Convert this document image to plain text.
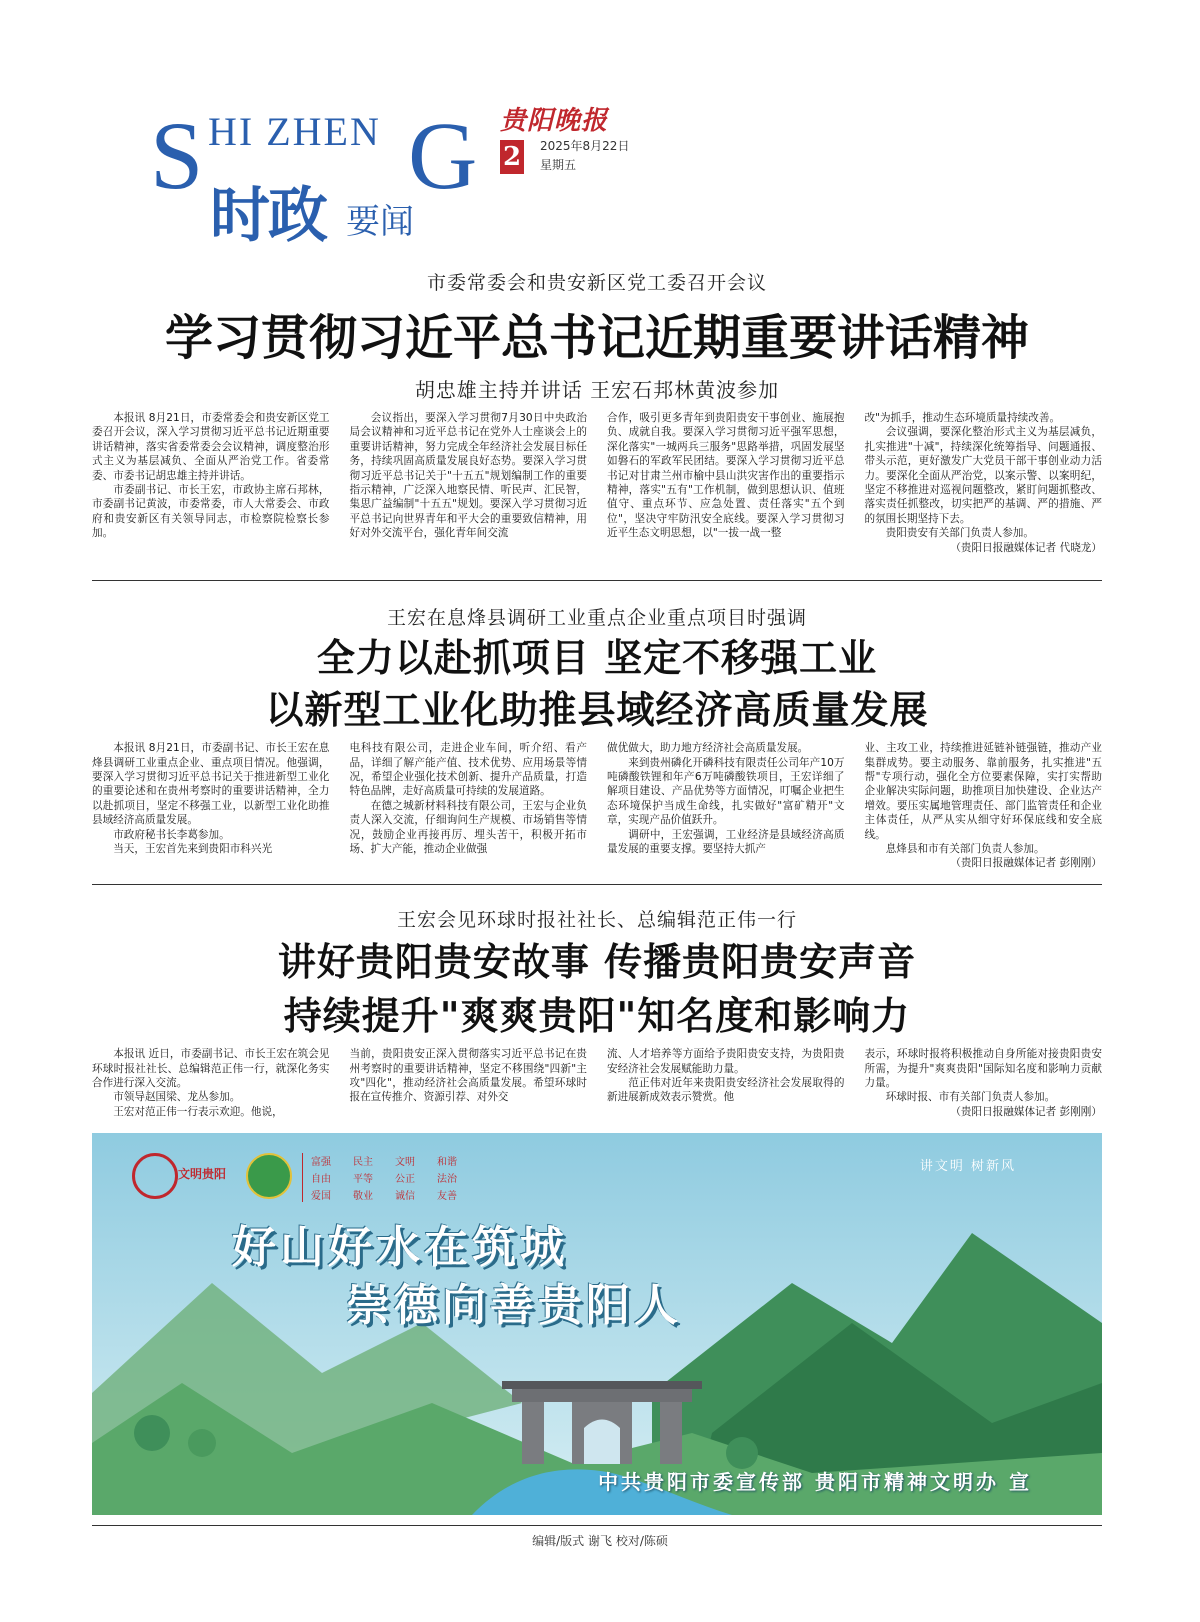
S HI ZHEN G
时政 要闻
贵阳晚报
2 2025年8月22日
星期五
市委常委会和贵安新区党工委召开会议
学习贯彻习近平总书记近期重要讲话精神
胡忠雄主持并讲话 王宏石邦林黄波参加

本报讯 8月21日，市委常委会和贵安新区党工委召开会议，深入学习贯彻习近平总书记近期重要讲话精神，落实省委常委会会议精神，调度整治形式主义为基层减负、全面从严治党工作。省委常委、市委书记胡忠雄主持并讲话。

市委副书记、市长王宏，市政协主席石邦林，市委副书记黄波，市委常委，市人大常委会、市政府和贵安新区有关领导同志，市检察院检察长参加。

会议指出，要深入学习贯彻7月30日中央政治局会议精神和习近平总书记在党外人士座谈会上的重要讲话精神，努力完成全年经济社会发展目标任务，持续巩固高质量发展良好态势。要深入学习贯彻习近平总书记关于"十五五"规划编制工作的重要指示精神，广泛深入地察民情、听民声、汇民智，集思广益编制"十五五"规划。要深入学习贯彻习近平总书记向世界青年和平大会的重要致信精神，用好对外交流平台，强化青年间交流

合作，吸引更多青年到贵阳贵安干事创业、施展抱负、成就自我。要深入学习贯彻习近平强军思想，深化落实"一城两兵三服务"思路举措，巩固发展坚如磐石的军政军民团结。要深入学习贯彻习近平总书记对甘肃兰州市榆中县山洪灾害作出的重要指示精神，落实"五有"工作机制，做到思想认识、值班值守、重点环节、应急处置、责任落实"五个到位"，坚决守牢防汛安全底线。要深入学习贯彻习近平生态文明思想，以"一拔一战一整

改"为抓手，推动生态环境质量持续改善。

会议强调，要深化整治形式主义为基层减负，扎实推进"十减"，持续深化统筹指导、问题通报、带头示范，更好激发广大党员干部干事创业动力活力。要深化全面从严治党，以案示警、以案明纪，坚定不移推进对巡视问题整改，紧盯问题抓整改、落实责任抓整改，切实把严的基调、严的措施、严的氛围长期坚持下去。

贵阳贵安有关部门负责人参加。

（贵阳日报融媒体记者 代晓龙）

王宏在息烽县调研工业重点企业重点项目时强调
全力以赴抓项目 坚定不移强工业
以新型工业化助推县域经济高质量发展

本报讯 8月21日，市委副书记、市长王宏在息烽县调研工业重点企业、重点项目情况。他强调，要深入学习贯彻习近平总书记关于推进新型工业化的重要论述和在贵州考察时的重要讲话精神，全力以赴抓项目，坚定不移强工业，以新型工业化助推县域经济高质量发展。

市政府秘书长李葛参加。

当天，王宏首先来到贵阳市科兴光

电科技有限公司，走进企业车间，听介绍、看产品，详细了解产能产值、技术优势、应用场景等情况，希望企业强化技术创新、提升产品质量，打造特色品牌，走好高质量可持续的发展道路。

在德之城新材料科技有限公司，王宏与企业负责人深入交流，仔细询问生产规模、市场销售等情况，鼓励企业再接再厉、埋头苦干，积极开拓市场、扩大产能，推动企业做强

做优做大，助力地方经济社会高质量发展。

来到贵州磷化开磷科技有限责任公司年产10万吨磷酸铁锂和年产6万吨磷酸铁项目，王宏详细了解项目建设、产品优势等方面情况，叮嘱企业把生态环境保护当成生命线，扎实做好"富矿精开"文章，实现产品价值跃升。

调研中，王宏强调，工业经济是县域经济高质量发展的重要支撑。要坚持大抓产

业、主攻工业，持续推进延链补链强链，推动产业集群成势。要主动服务、靠前服务，扎实推进"五帮"专项行动，强化全方位要素保障，实打实帮助企业解决实际问题，助推项目加快建设、企业达产增效。要压实属地管理责任、部门监管责任和企业主体责任，从严从实从细守好环保底线和安全底线。

息烽县和市有关部门负责人参加。

（贵阳日报融媒体记者 彭刚刚）

王宏会见环球时报社社长、总编辑范正伟一行
讲好贵阳贵安故事 传播贵阳贵安声音
持续提升"爽爽贵阳"知名度和影响力

本报讯 近日，市委副书记、市长王宏在筑会见环球时报社社长、总编辑范正伟一行，就深化务实合作进行深入交流。

市领导赵国梁、龙丛参加。

王宏对范正伟一行表示欢迎。他说，

当前，贵阳贵安正深入贯彻落实习近平总书记在贵州考察时的重要讲话精神，坚定不移围绕"四新"主攻"四化"，推动经济社会高质量发展。希望环球时报在宣传推介、资源引荐、对外交

流、人才培养等方面给予贵阳贵安支持，为贵阳贵安经济社会发展赋能助力量。

范正伟对近年来贵阳贵安经济社会发展取得的新进展新成效表示赞赏。他

表示，环球时报将积极推动自身所能对接贵阳贵安所需，为提升"爽爽贵阳"国际知名度和影响力贡献力量。

环球时报、市有关部门负责人参加。

（贵阳日报融媒体记者 彭刚刚）

文明贵阳
富强	民主	文明	和谐
自由	平等	公正	法治
爱国	敬业	诚信	友善
讲文明 树新风
好山好水在筑城
崇德向善贵阳人
中共贵阳市委宣传部 贵阳市精神文明办 宣
编辑/版式 谢飞 校对/陈硕
